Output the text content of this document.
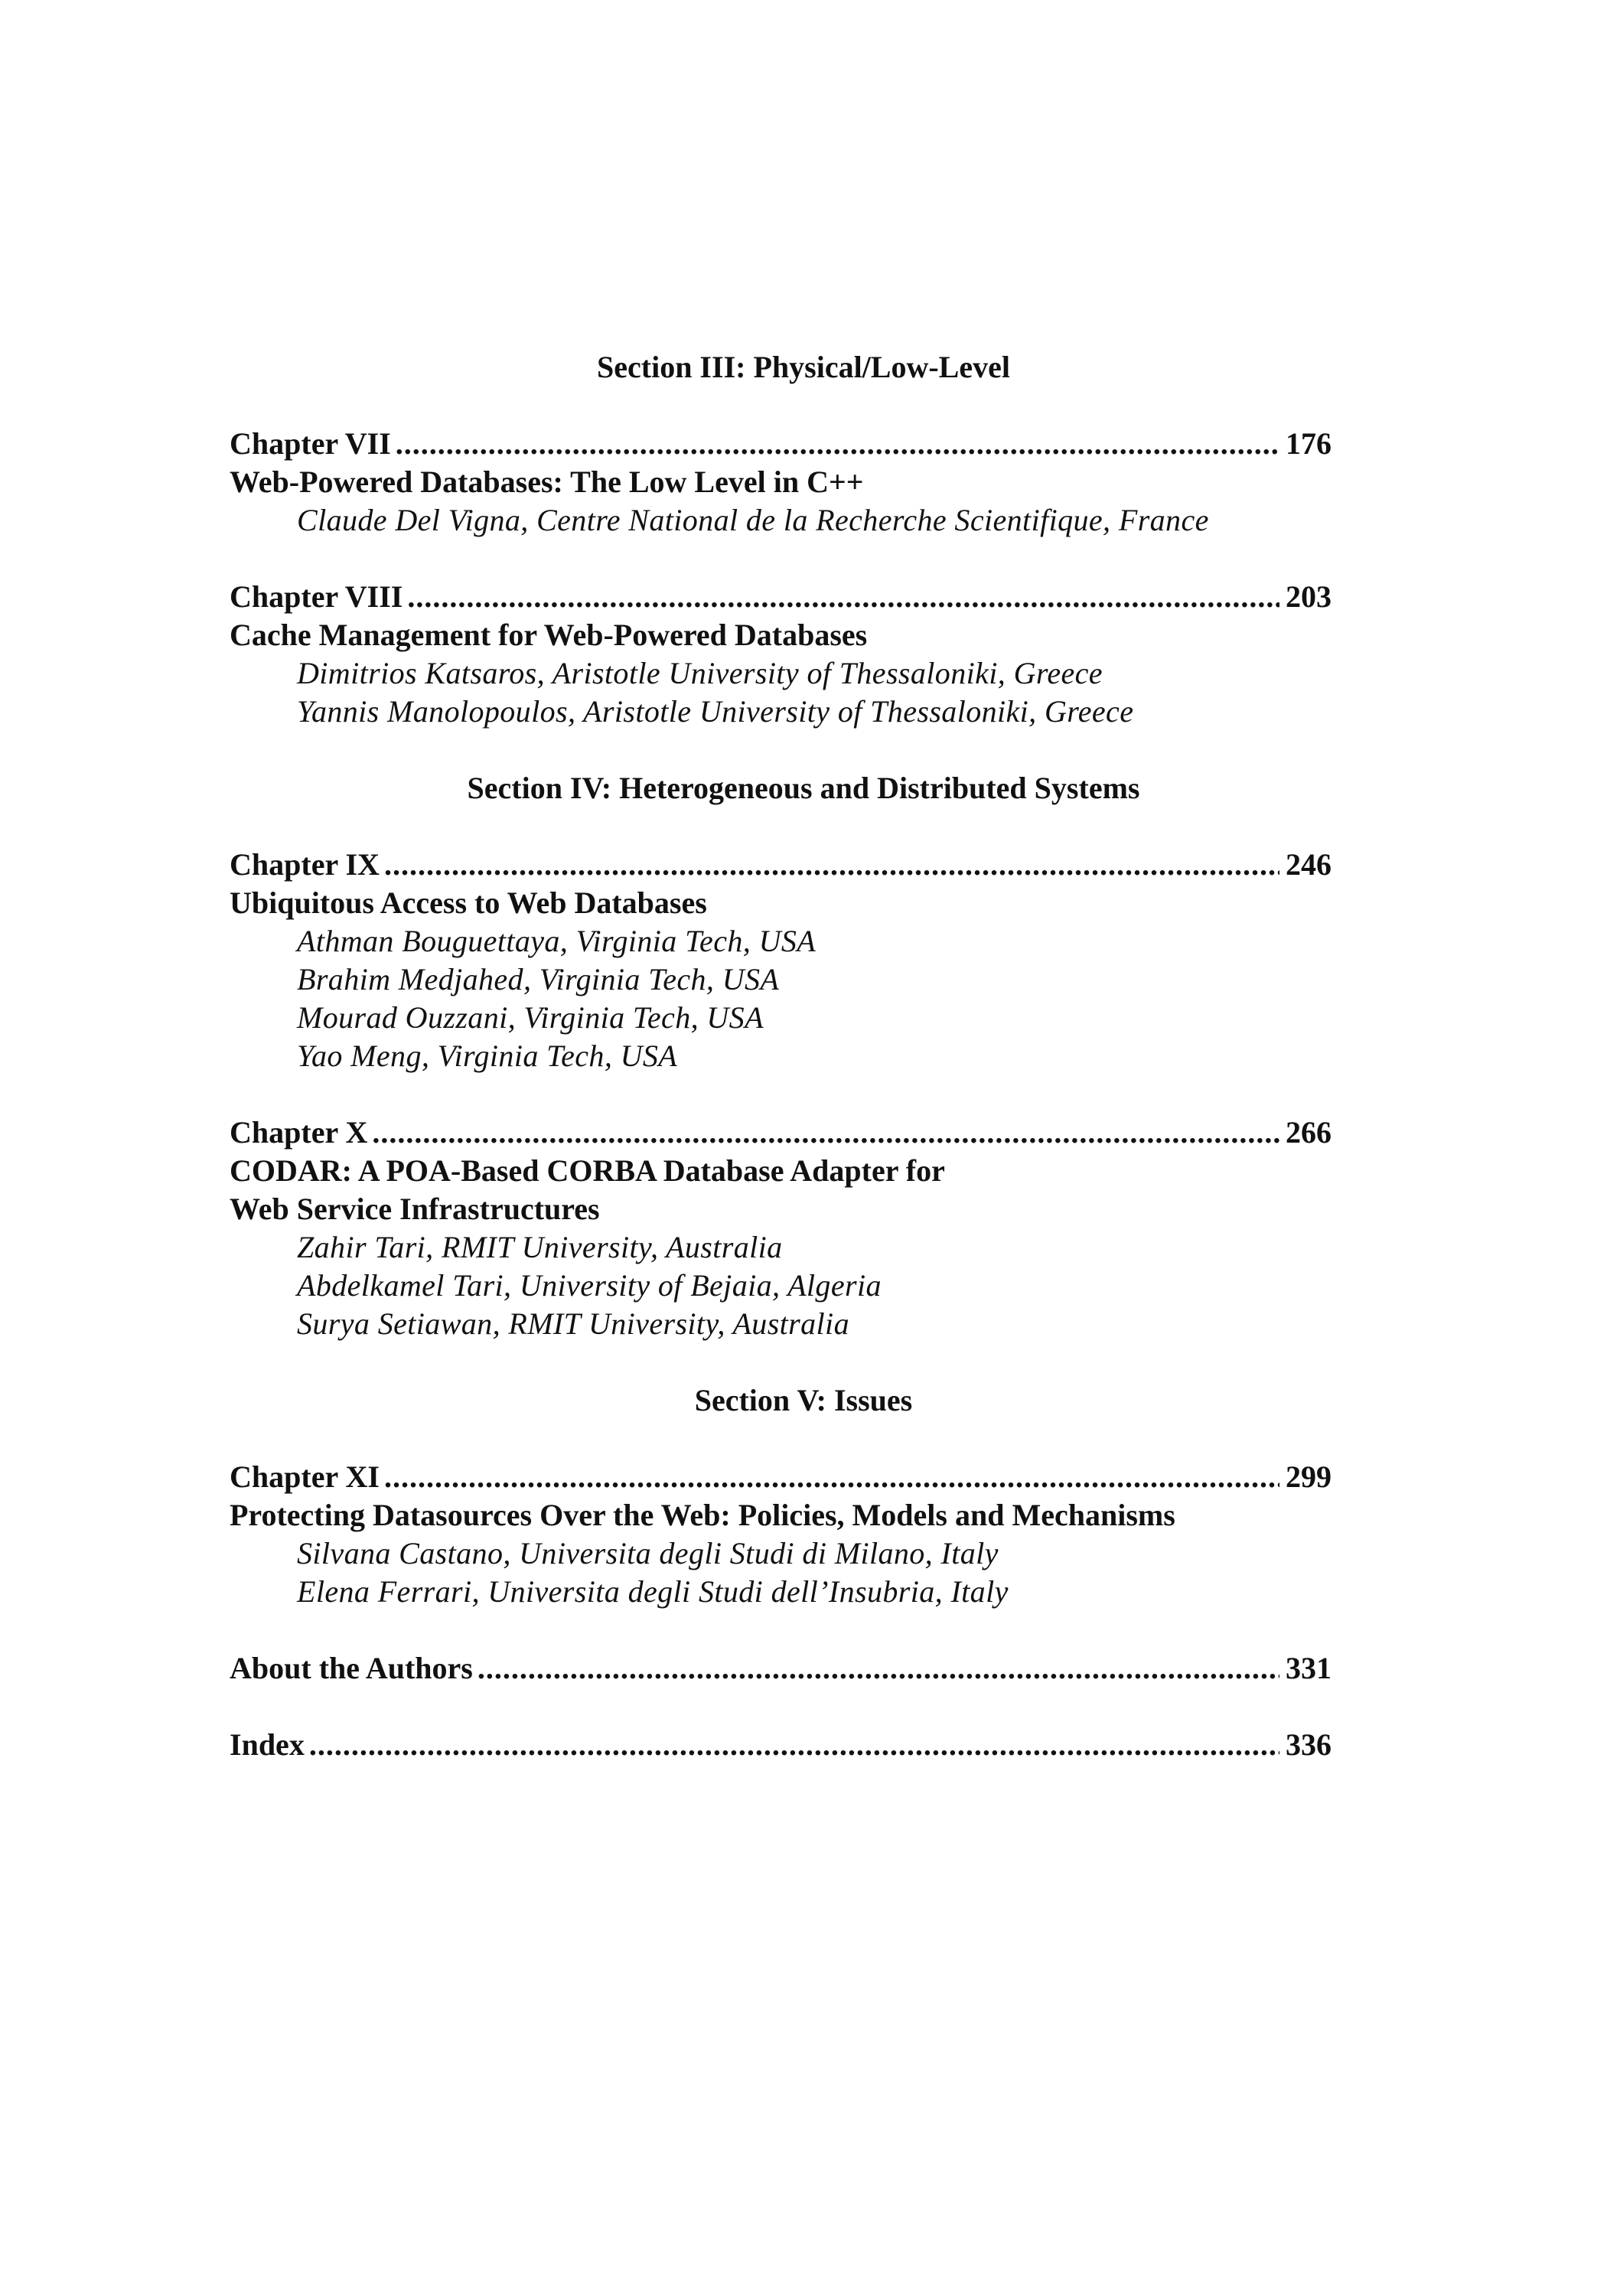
Section III: Physical/Low-Level
Chapter VII .....	176
Web-Powered Databases: The Low Level in C++
Claude Del Vigna, Centre National de la Recherche Scientifique, France
Chapter VIII .....	203
Cache Management for Web-Powered Databases
Dimitrios Katsaros, Aristotle University of Thessaloniki, Greece
Yannis Manolopoulos, Aristotle University of Thessaloniki, Greece
Section IV: Heterogeneous and Distributed Systems
Chapter IX .....	246
Ubiquitous Access to Web Databases
Athman Bouguettaya, Virginia Tech, USA
Brahim Medjahed, Virginia Tech, USA
Mourad Ouzzani, Virginia Tech, USA
Yao Meng, Virginia Tech, USA
Chapter X .....	266
CODAR: A POA-Based CORBA Database Adapter for
Web Service Infrastructures
Zahir Tari, RMIT University, Australia
Abdelkamel Tari, University of Bejaia, Algeria
Surya Setiawan, RMIT University, Australia
Section V: Issues
Chapter XI .....	299
Protecting Datasources Over the Web: Policies, Models and Mechanisms
Silvana Castano, Universita degli Studi di Milano, Italy
Elena Ferrari, Universita degli Studi dell’Insubria, Italy
About the Authors .....	331
Index .....	336
